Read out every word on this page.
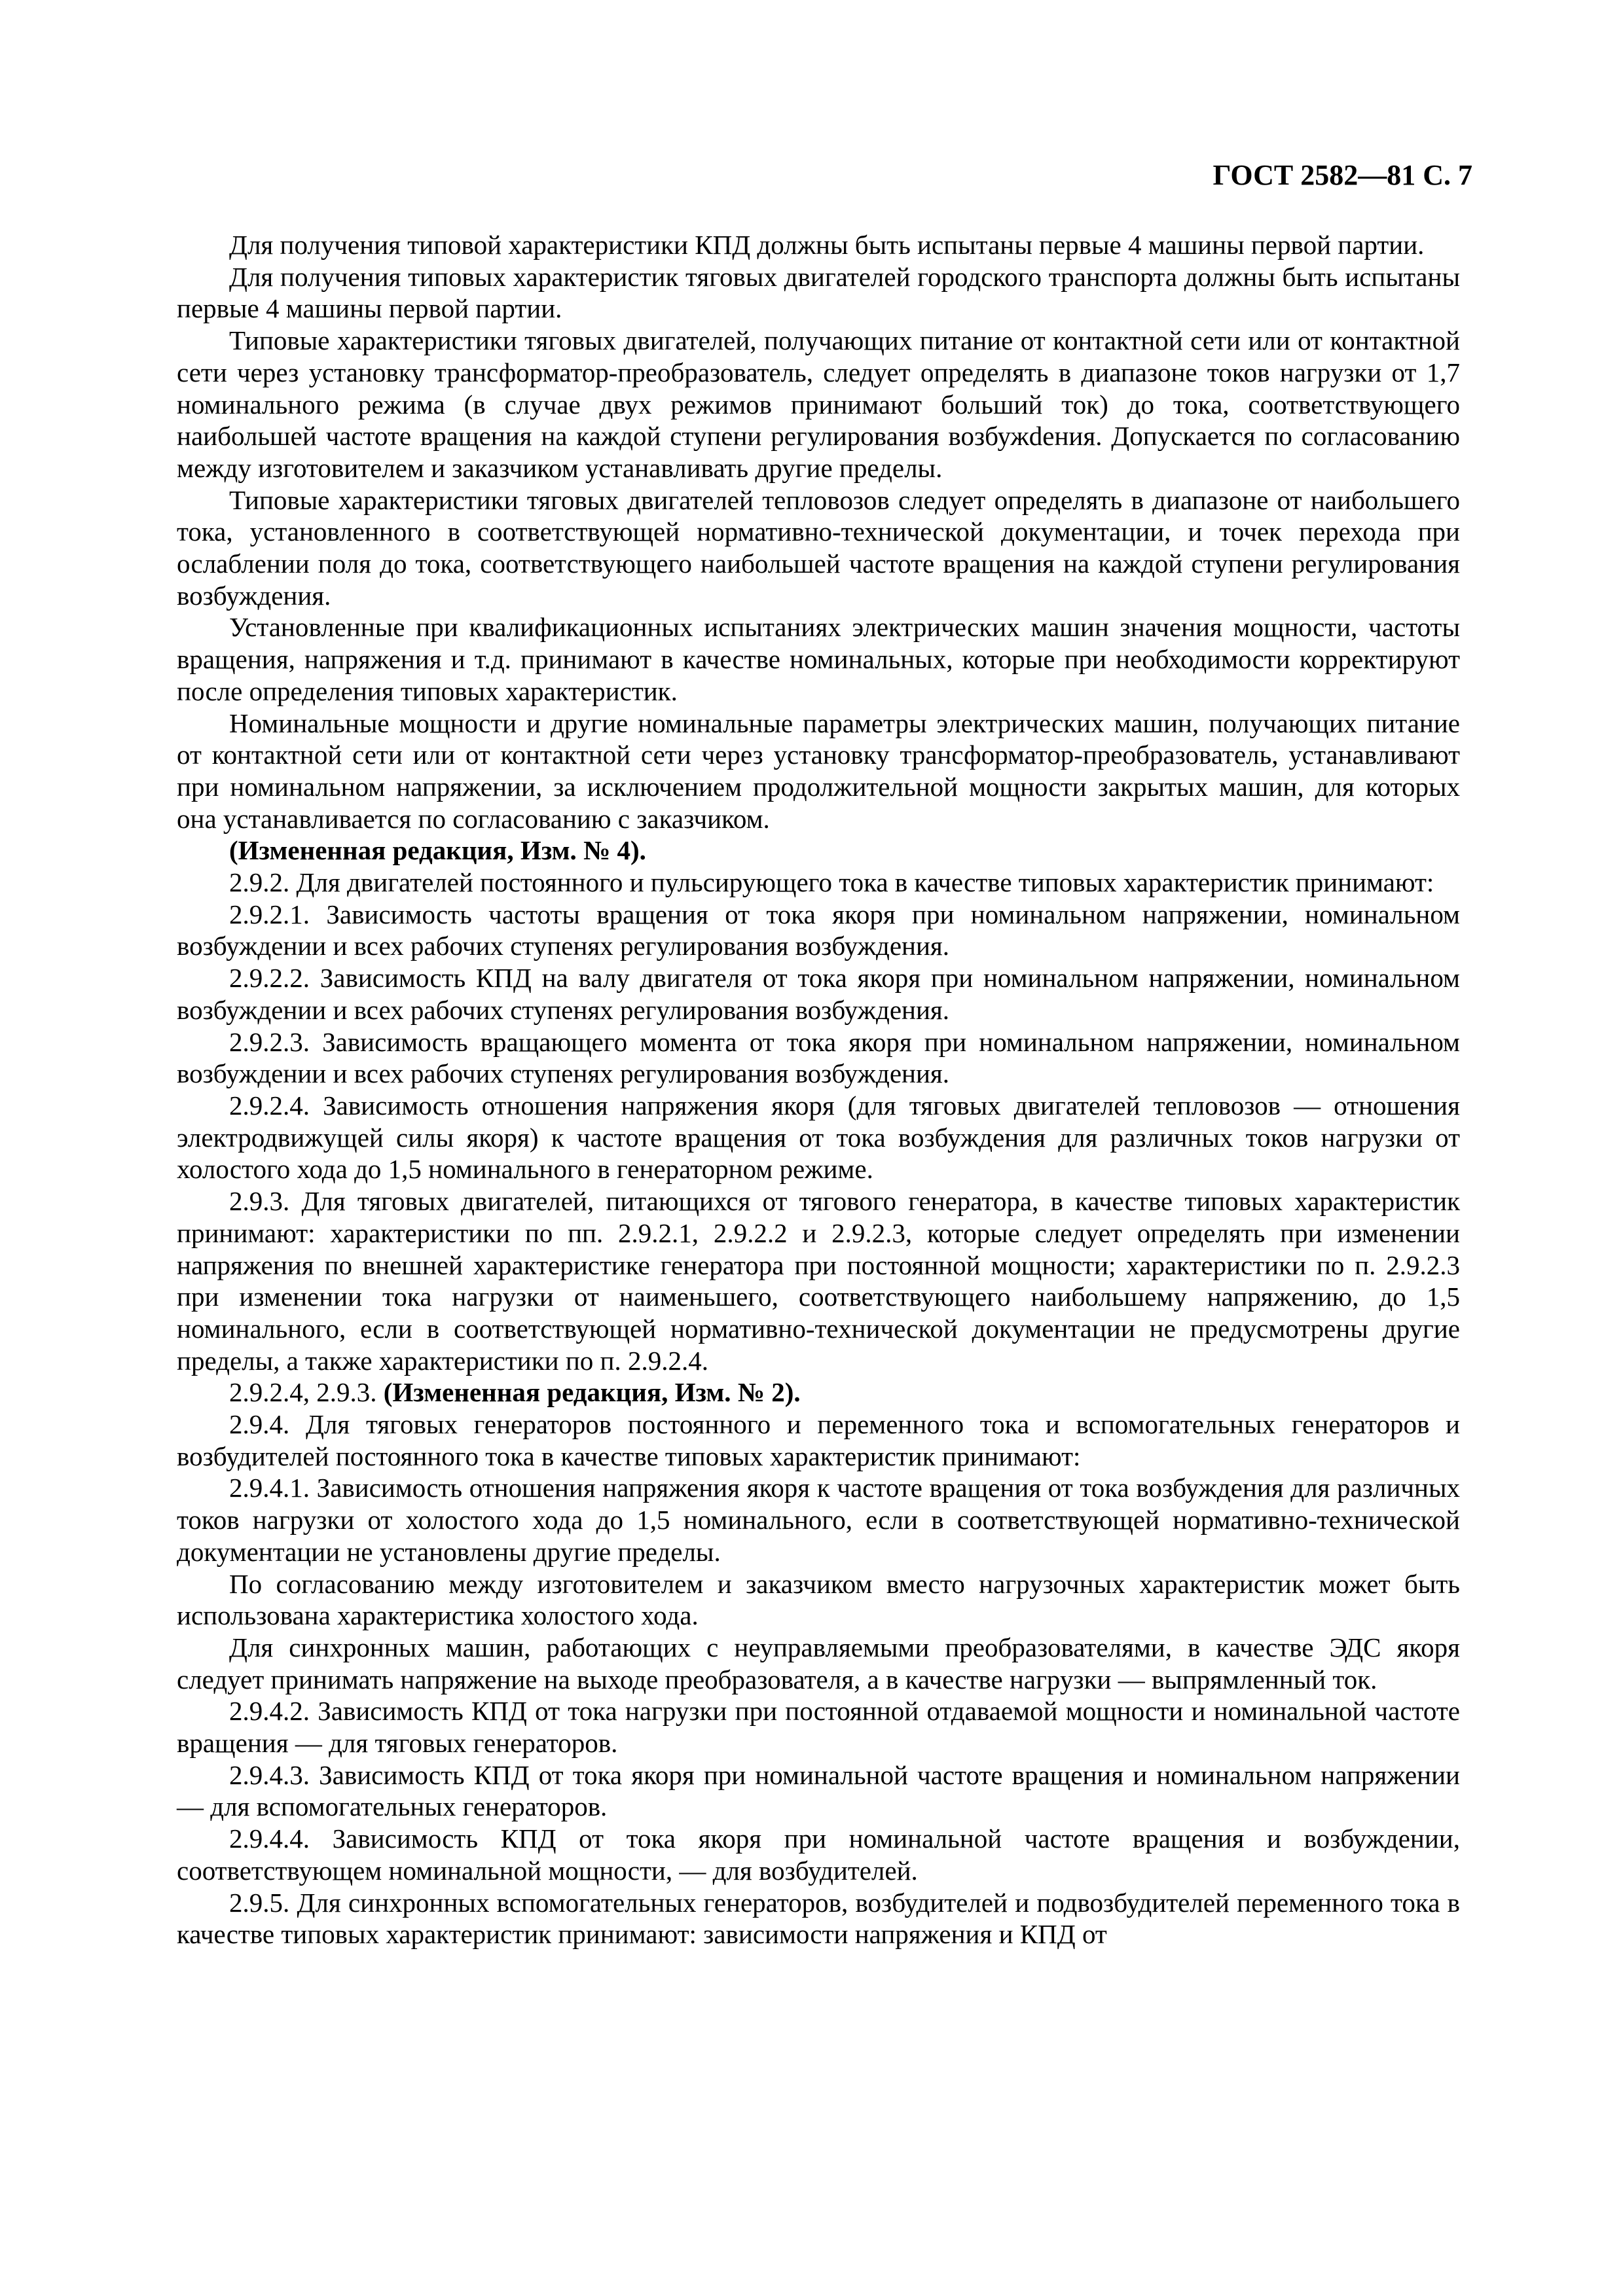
ГОСТ 2582—81 С. 7

Для получения типовой характеристики КПД должны быть испытаны первые 4 машины первой партии.

Для получения типовых характеристик тяговых двигателей городского транспорта должны быть испытаны первые 4 машины первой партии.

Типовые характеристики тяговых двигателей, получающих питание от контактной сети или от контактной сети через установку трансформатор-преобразователь, следует определять в диапазоне токов нагрузки от 1,7 номинального режима (в случае двух режимов принимают больший ток) до тока, соответствующего наибольшей частоте вращения на каждой ступени регулирования возбужdения. Допускается по согласованию между изготовителем и заказчиком устанавливать другие пределы.

Типовые характеристики тяговых двигателей тепловозов следует определять в диапазоне от наибольшего тока, установленного в соответствующей нормативно-технической документации, и точек перехода при ослаблении поля до тока, соответствующего наибольшей частоте вращения на каждой ступени регулирования возбуждения.

Установленные при квалификационных испытаниях электрических машин значения мощности, частоты вращения, напряжения и т.д. принимают в качестве номинальных, которые при необходимости корректируют после определения типовых характеристик.

Номинальные мощности и другие номинальные параметры электрических машин, получающих питание от контактной сети или от контактной сети через установку трансформатор-преобразователь, устанавливают при номинальном напряжении, за исключением продолжительной мощности закрытых машин, для которых она устанавливается по согласованию с заказчиком.

(Измененная редакция, Изм. № 4).

2.9.2. Для двигателей постоянного и пульсирующего тока в качестве типовых характеристик принимают:

2.9.2.1. Зависимость частоты вращения от тока якоря при номинальном напряжении, номинальном возбуждении и всех рабочих ступенях регулирования возбуждения.

2.9.2.2. Зависимость КПД на валу двигателя от тока якоря при номинальном напряжении, номинальном возбуждении и всех рабочих ступенях регулирования возбуждения.

2.9.2.3. Зависимость вращающего момента от тока якоря при номинальном напряжении, номинальном возбуждении и всех рабочих ступенях регулирования возбуждения.

2.9.2.4. Зависимость отношения напряжения якоря (для тяговых двигателей тепловозов — отношения электродвижущей силы якоря) к частоте вращения от тока возбуждения для различных токов нагрузки от холостого хода до 1,5 номинального в генераторном режиме.

2.9.3. Для тяговых двигателей, питающихся от тягового генератора, в качестве типовых характеристик принимают: характеристики по пп. 2.9.2.1, 2.9.2.2 и 2.9.2.3, которые следует определять при изменении напряжения по внешней характеристике генератора при постоянной мощности; характеристики по п. 2.9.2.3 при изменении тока нагрузки от наименьшего, соответствующего наибольшему напряжению, до 1,5 номинального, если в соответствующей нормативно-технической документации не предусмотрены другие пределы, а также характеристики по п. 2.9.2.4.

2.9.2.4, 2.9.3. (Измененная редакция, Изм. № 2).

2.9.4. Для тяговых генераторов постоянного и переменного тока и вспомогательных генераторов и возбудителей постоянного тока в качестве типовых характеристик принимают:

2.9.4.1. Зависимость отношения напряжения якоря к частоте вращения от тока возбуждения для различных токов нагрузки от холостого хода до 1,5 номинального, если в соответствующей нормативно-технической документации не установлены другие пределы.

По согласованию между изготовителем и заказчиком вместо нагрузочных характеристик может быть использована характеристика холостого хода.

Для синхронных машин, работающих с неуправляемыми преобразователями, в качестве ЭДС якоря следует принимать напряжение на выходе преобразователя, а в качестве нагрузки — выпрямленный ток.

2.9.4.2. Зависимость КПД от тока нагрузки при постоянной отдаваемой мощности и номинальной частоте вращения — для тяговых генераторов.

2.9.4.3. Зависимость КПД от тока якоря при номинальной частоте вращения и номинальном напряжении — для вспомогательных генераторов.

2.9.4.4. Зависимость КПД от тока якоря при номинальной частоте вращения и возбуждении, соответствующем номинальной мощности, — для возбудителей.

2.9.5. Для синхронных вспомогательных генераторов, возбудителей и подвозбудителей переменного тока в качестве типовых характеристик принимают: зависимости напряжения и КПД от
